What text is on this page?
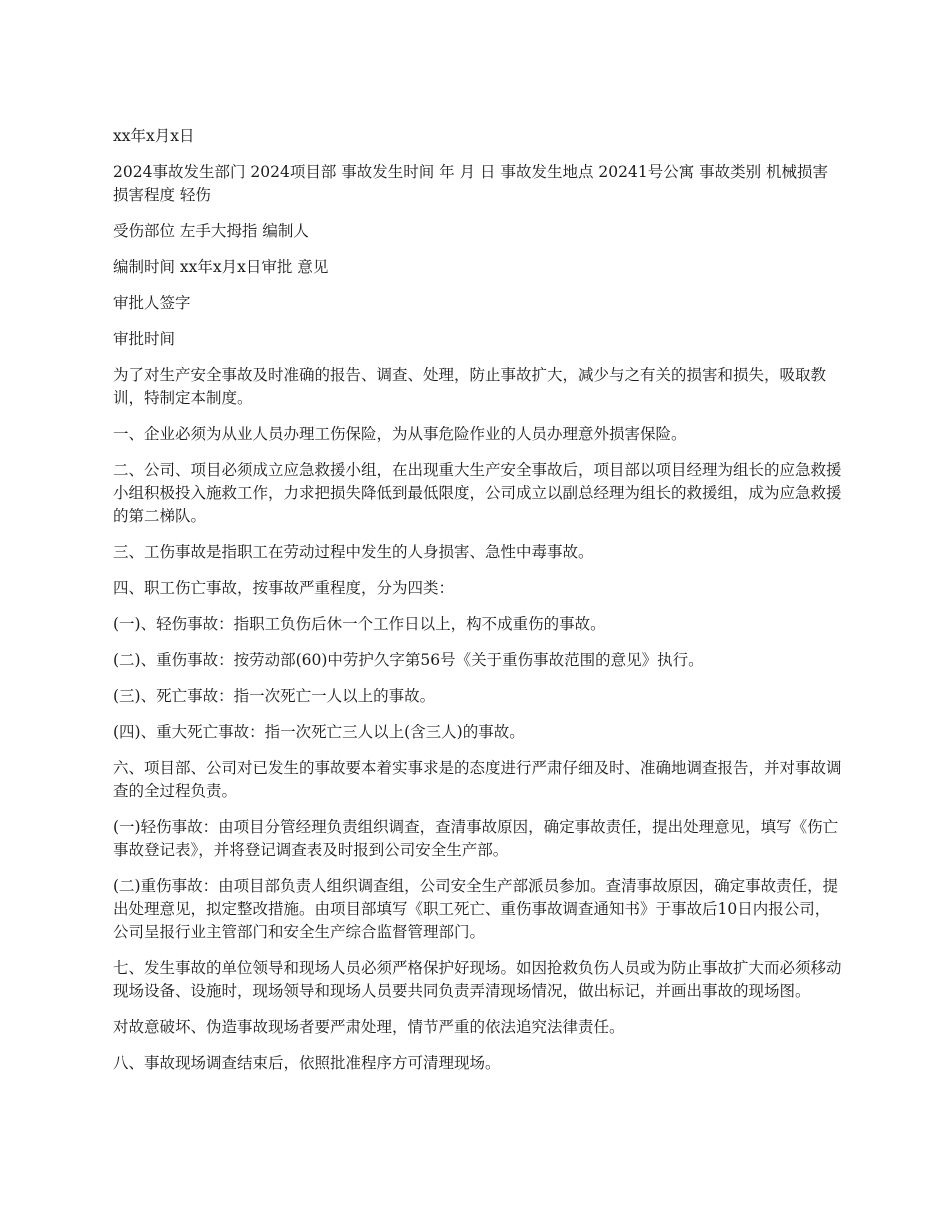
xx年x月x日

2024事故发生部门 2024项目部 事故发生时间 年 月 日 事故发生地点 20241号公寓 事故类别 机械损害 损害程度 轻伤

受伤部位 左手大拇指 编制人

编制时间 xx年x月x日审批 意见

审批人签字

审批时间

为了对生产安全事故及时准确的报告、调查、处理，防止事故扩大，减少与之有关的损害和损失，吸取教训，特制定本制度。

一、企业必须为从业人员办理工伤保险，为从事危险作业的人员办理意外损害保险。

二、公司、项目必须成立应急救援小组，在出现重大生产安全事故后，项目部以项目经理为组长的应急救援小组积极投入施救工作，力求把损失降低到最低限度，公司成立以副总经理为组长的救援组，成为应急救援的第二梯队。

三、工伤事故是指职工在劳动过程中发生的人身损害、急性中毒事故。

四、职工伤亡事故，按事故严重程度，分为四类：

(一)、轻伤事故：指职工负伤后休一个工作日以上，构不成重伤的事故。

(二)、重伤事故：按劳动部(60)中劳护久字第56号《关于重伤事故范围的意见》执行。

(三)、死亡事故：指一次死亡一人以上的事故。

(四)、重大死亡事故：指一次死亡三人以上(含三人)的事故。

六、项目部、公司对已发生的事故要本着实事求是的态度进行严肃仔细及时、准确地调查报告，并对事故调查的全过程负责。

(一)轻伤事故：由项目分管经理负责组织调查，查清事故原因，确定事故责任，提出处理意见，填写《伤亡事故登记表》，并将登记调查表及时报到公司安全生产部。

(二)重伤事故：由项目部负责人组织调查组，公司安全生产部派员参加。查清事故原因，确定事故责任，提出处理意见，拟定整改措施。由项目部填写《职工死亡、重伤事故调查通知书》于事故后10日内报公司，公司呈报行业主管部门和安全生产综合监督管理部门。

七、发生事故的单位领导和现场人员必须严格保护好现场。如因抢救负伤人员或为防止事故扩大而必须移动现场设备、设施时，现场领导和现场人员要共同负责弄清现场情况，做出标记，并画出事故的现场图。

对故意破坏、伪造事故现场者要严肃处理，情节严重的依法追究法律责任。

八、事故现场调查结束后，依照批准程序方可清理现场。
